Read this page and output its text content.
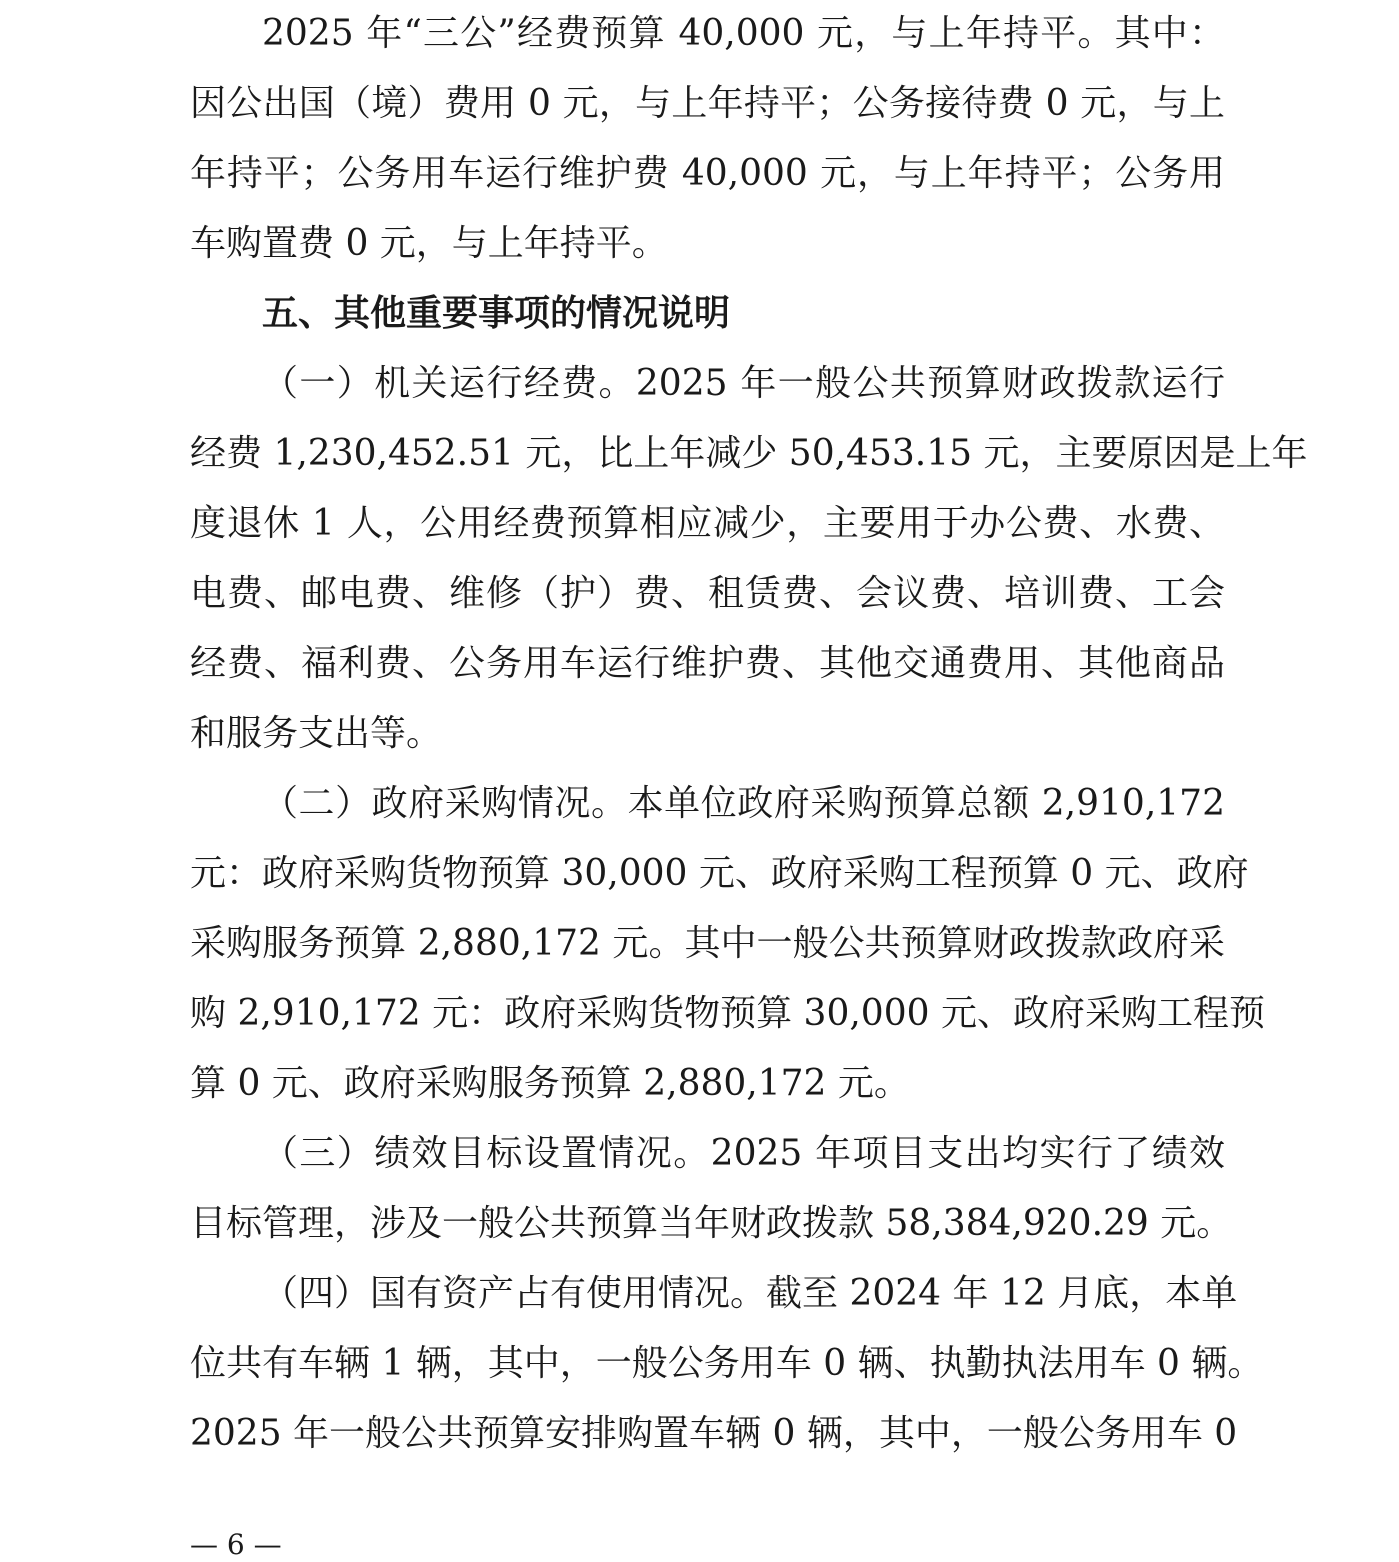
2025 年“三公”经费预算 40,000 元，与上年持平。其中：
因公出国（境）费用 0 元，与上年持平；公务接待费 0 元，与上
年持平；公务用车运行维护费 40,000 元，与上年持平；公务用
车购置费 0 元，与上年持平。
五、其他重要事项的情况说明
（一）机关运行经费。2025 年一般公共预算财政拨款运行
经费 1,230,452.51 元，比上年减少 50,453.15 元，主要原因是上年
度退休 1 人，公用经费预算相应减少，主要用于办公费、水费、
电费、邮电费、维修（护）费、租赁费、会议费、培训费、工会
经费、福利费、公务用车运行维护费、其他交通费用、其他商品
和服务支出等。
（二）政府采购情况。本单位政府采购预算总额 2,910,172
元：政府采购货物预算 30,000 元、政府采购工程预算 0 元、政府
采购服务预算 2,880,172 元。其中一般公共预算财政拨款政府采
购 2,910,172 元：政府采购货物预算 30,000 元、政府采购工程预
算 0 元、政府采购服务预算 2,880,172 元。
（三）绩效目标设置情况。2025 年项目支出均实行了绩效
目标管理，涉及一般公共预算当年财政拨款 58,384,920.29 元。
（四）国有资产占有使用情况。截至 2024 年 12 月底，本单
位共有车辆 1 辆，其中，一般公务用车 0 辆、执勤执法用车 0 辆。
2025 年一般公共预算安排购置车辆 0 辆，其中，一般公务用车 0
— 6 —
